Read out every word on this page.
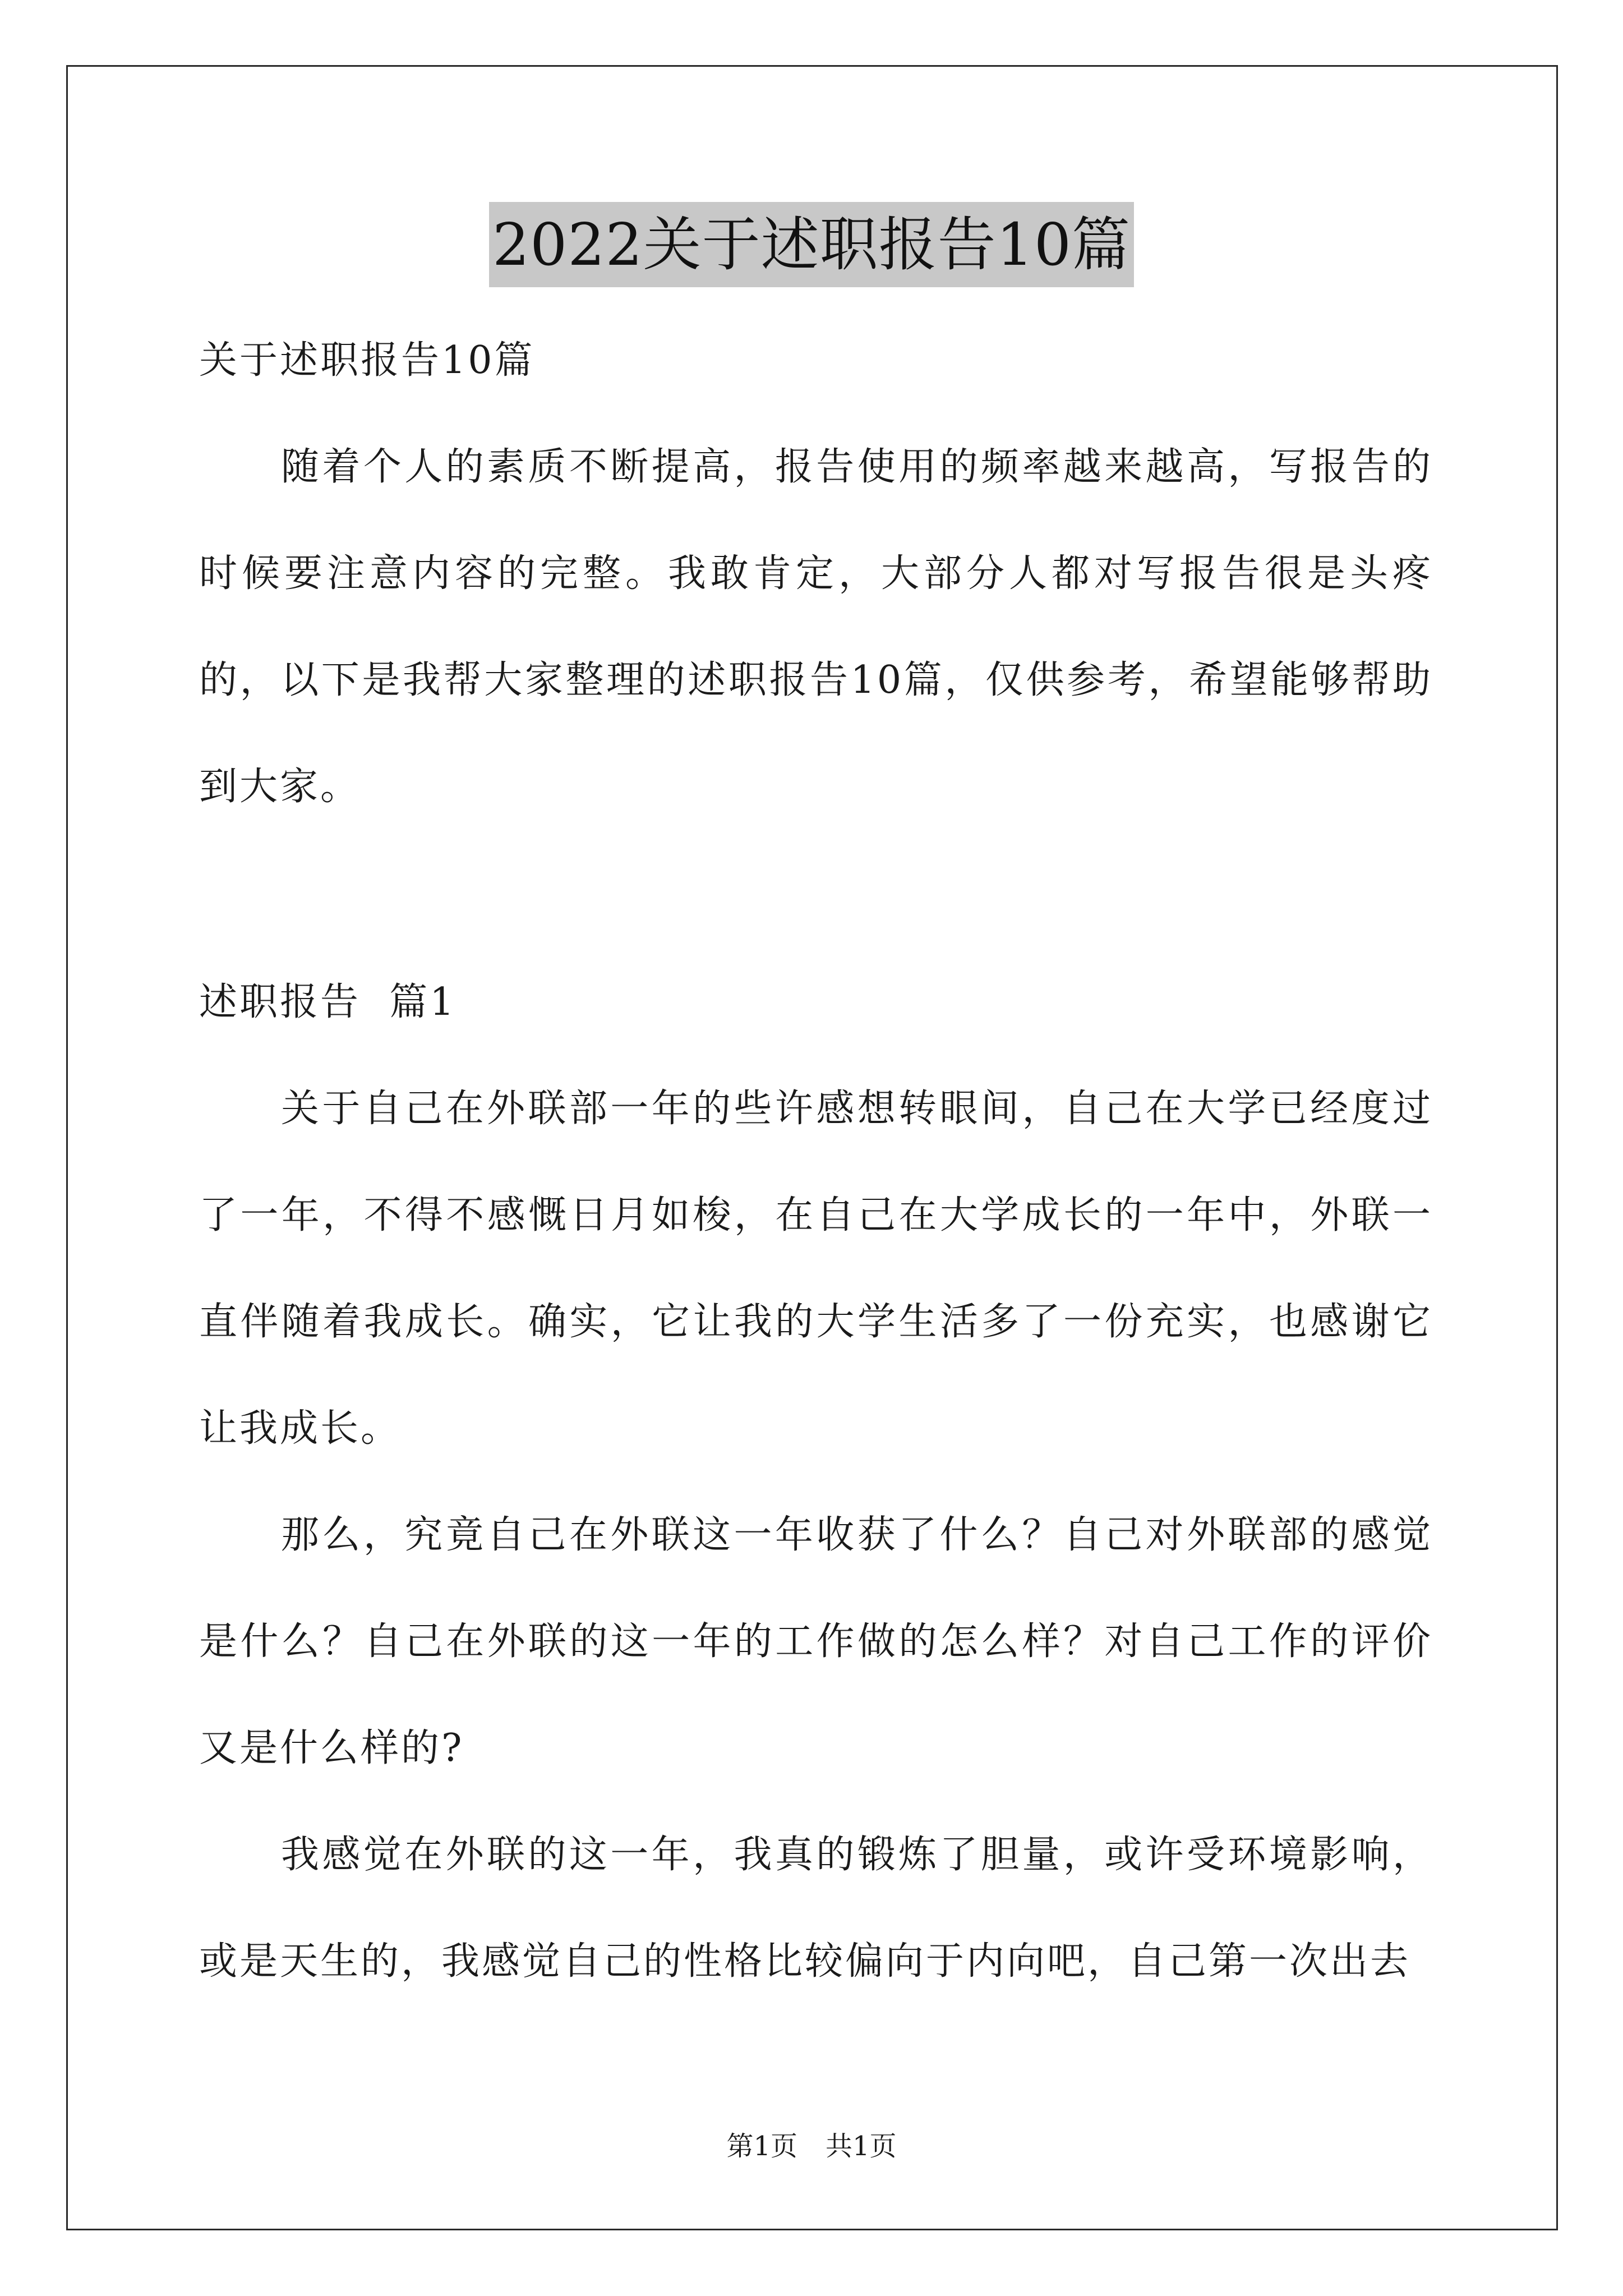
2022关于述职报告10篇

关于述职报告10篇

随着个人的素质不断提高，报告使用的频率越来越高，写报告的时候要注意内容的完整。我敢肯定，大部分人都对写报告很是头疼的，以下是我帮大家整理的述职报告10篇，仅供参考，希望能够帮助到大家。

述职报告  篇1

关于自己在外联部一年的些许感想转眼间，自己在大学已经度过了一年，不得不感慨日月如梭，在自己在大学成长的一年中，外联一直伴随着我成长。确实，它让我的大学生活多了一份充实，也感谢它让我成长。

那么，究竟自己在外联这一年收获了什么？自己对外联部的感觉是什么？自己在外联的这一年的工作做的怎么样？对自己工作的评价又是什么样的?

我感觉在外联的这一年，我真的锻炼了胆量，或许受环境影响，或是天生的，我感觉自己的性格比较偏向于内向吧，自己第一次出去

第1页 共1页
